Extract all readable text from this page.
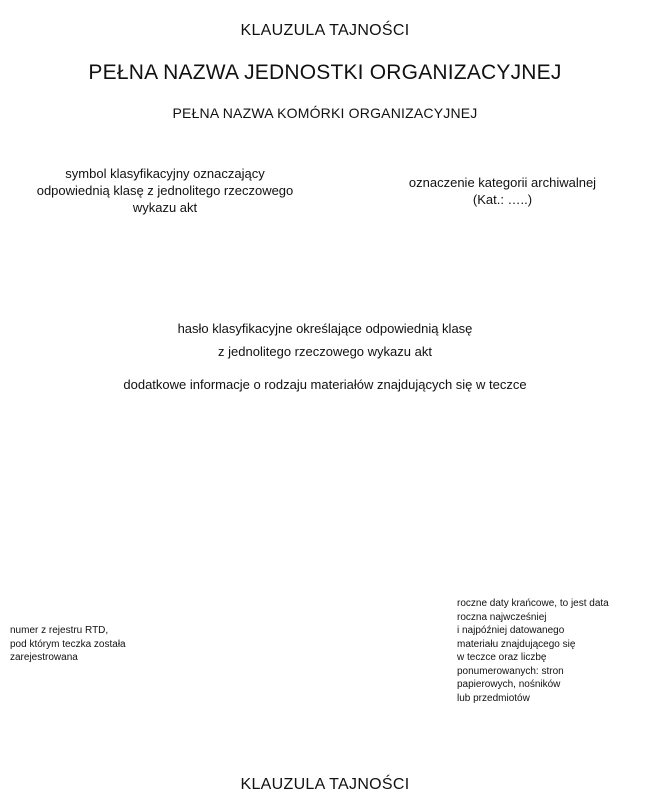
KLAUZULA TAJNOŚCI
PEŁNA NAZWA JEDNOSTKI ORGANIZACYJNEJ
PEŁNA NAZWA KOMÓRKI ORGANIZACYJNEJ
symbol klasyfikacyjny oznaczający
odpowiednią klasę z jednolitego rzeczowego
wykazu akt
oznaczenie kategorii archiwalnej
(Kat.: …..)
hasło klasyfikacyjne określające odpowiednią klasę
z jednolitego rzeczowego wykazu akt
dodatkowe informacje o rodzaju materiałów znajdujących się w teczce
numer z rejestru RTD,
pod którym teczka została
zarejestrowana
roczne daty krańcowe, to jest data
roczna najwcześniej
i najpóźniej datowanego
materiału znajdującego się
w teczce oraz liczbę
ponumerowanych: stron
papierowych, nośników
lub przedmiotów
KLAUZULA TAJNOŚCI
